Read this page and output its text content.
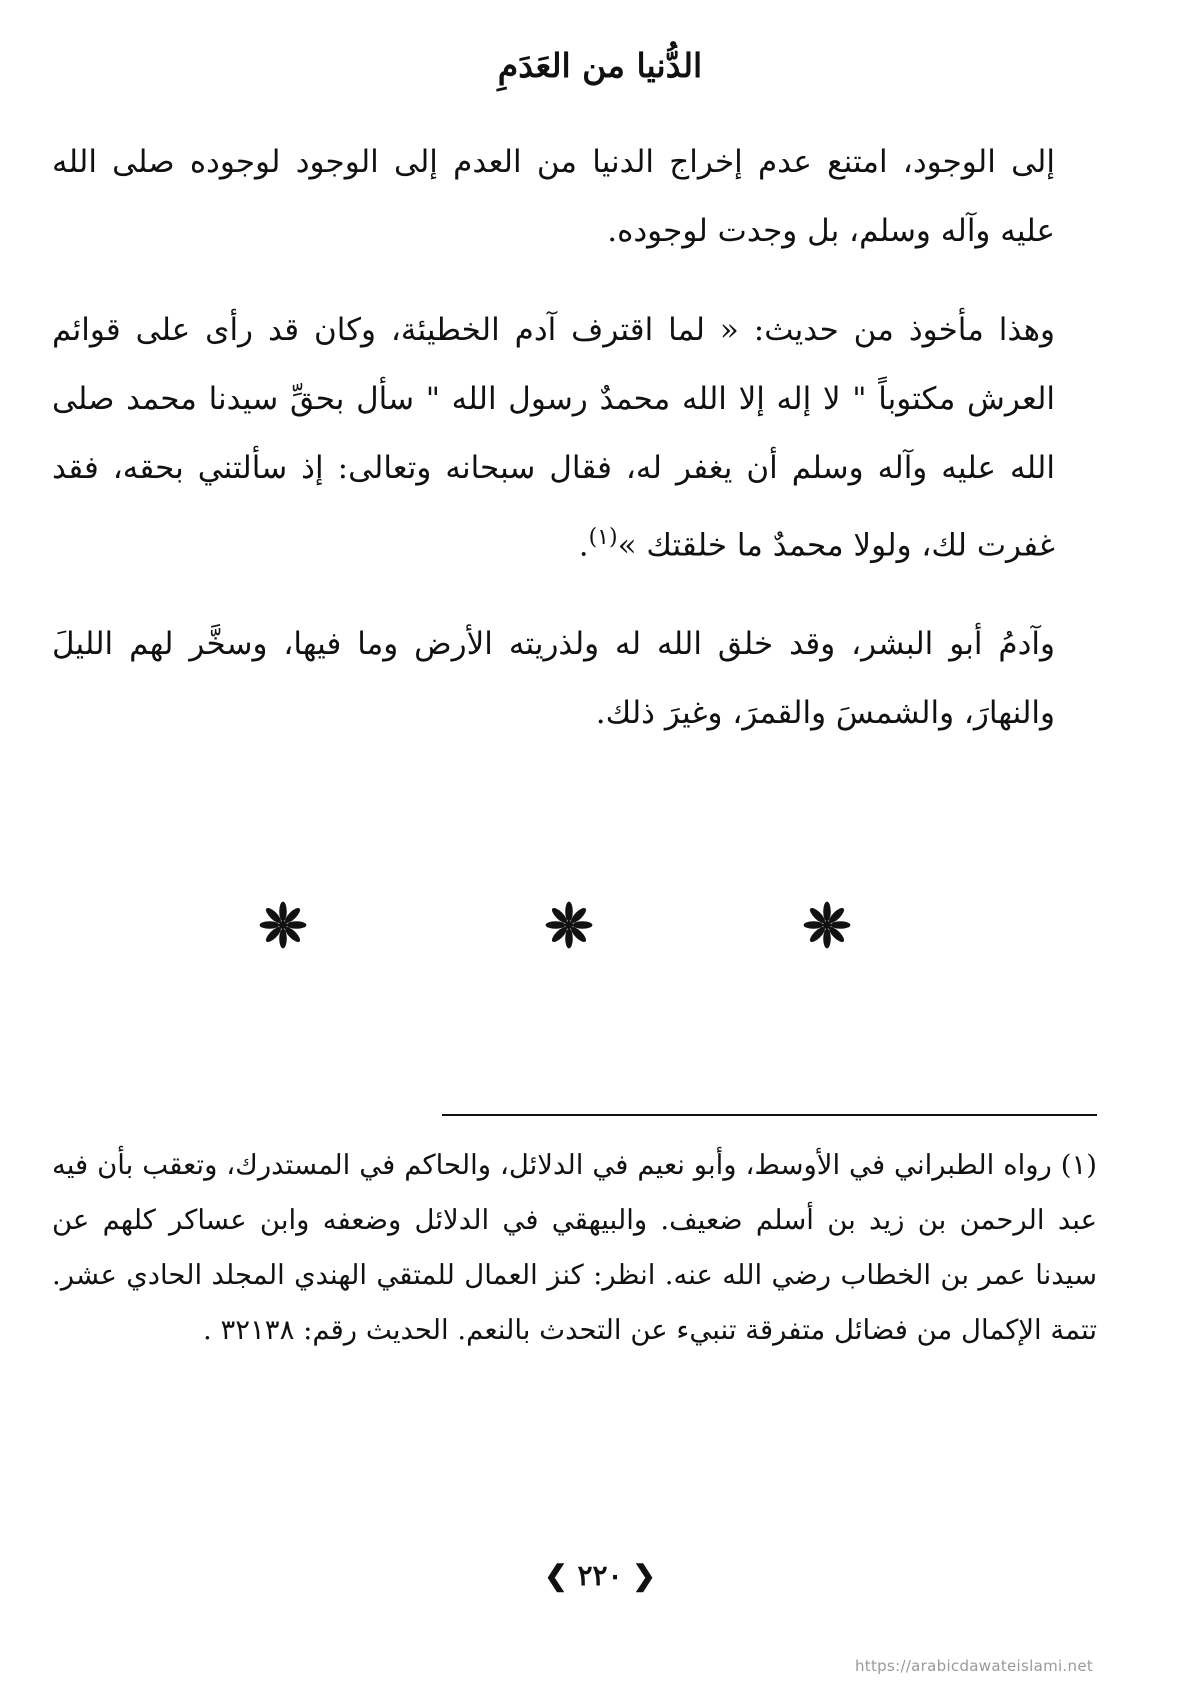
الدُّنيا من العَدَمِ

إلى الوجود، امتنع عدم إخراج الدنيا من العدم إلى الوجود لوجوده صلى الله عليه وآله وسلم، بل وجدت لوجوده.

وهذا مأخوذ من حديث: « لما اقترف آدم الخطيئة، وكان قد رأى على قوائم العرش مكتوباً " لا إله إلا الله محمدٌ رسول الله " سأل بحقِّ سيدنا محمد صلى الله عليه وآله وسلم أن يغفر له، فقال سبحانه وتعالى: إذ سألتني بحقه، فقد غفرت لك، ولولا محمدٌ ما خلقتك »$^{(١)}$.

وآدمُ أبو البشر، وقد خلق الله له ولذريته الأرض وما فيها، وسخَّر لهم الليلَ والنهارَ، والشمسَ والقمرَ، وغيرَ ذلك.

(١) رواه الطبراني في الأوسط، وأبو نعيم في الدلائل، والحاكم في المستدرك، وتعقب بأن فيه عبد الرحمن بن زيد بن أسلم ضعيف. والبيهقي في الدلائل وضعفه وابن عساكر كلهم عن سيدنا عمر بن الخطاب رضي الله عنه. انظر: كنز العمال للمتقي الهندي المجلد الحادي عشر. تتمة الإكمال من فضائل متفرقة تنبيء عن التحدث بالنعم. الحديث رقم: ٣٢١٣٨ .

❮ ٢٢٠ ❯
https://arabicdawateislami.net
